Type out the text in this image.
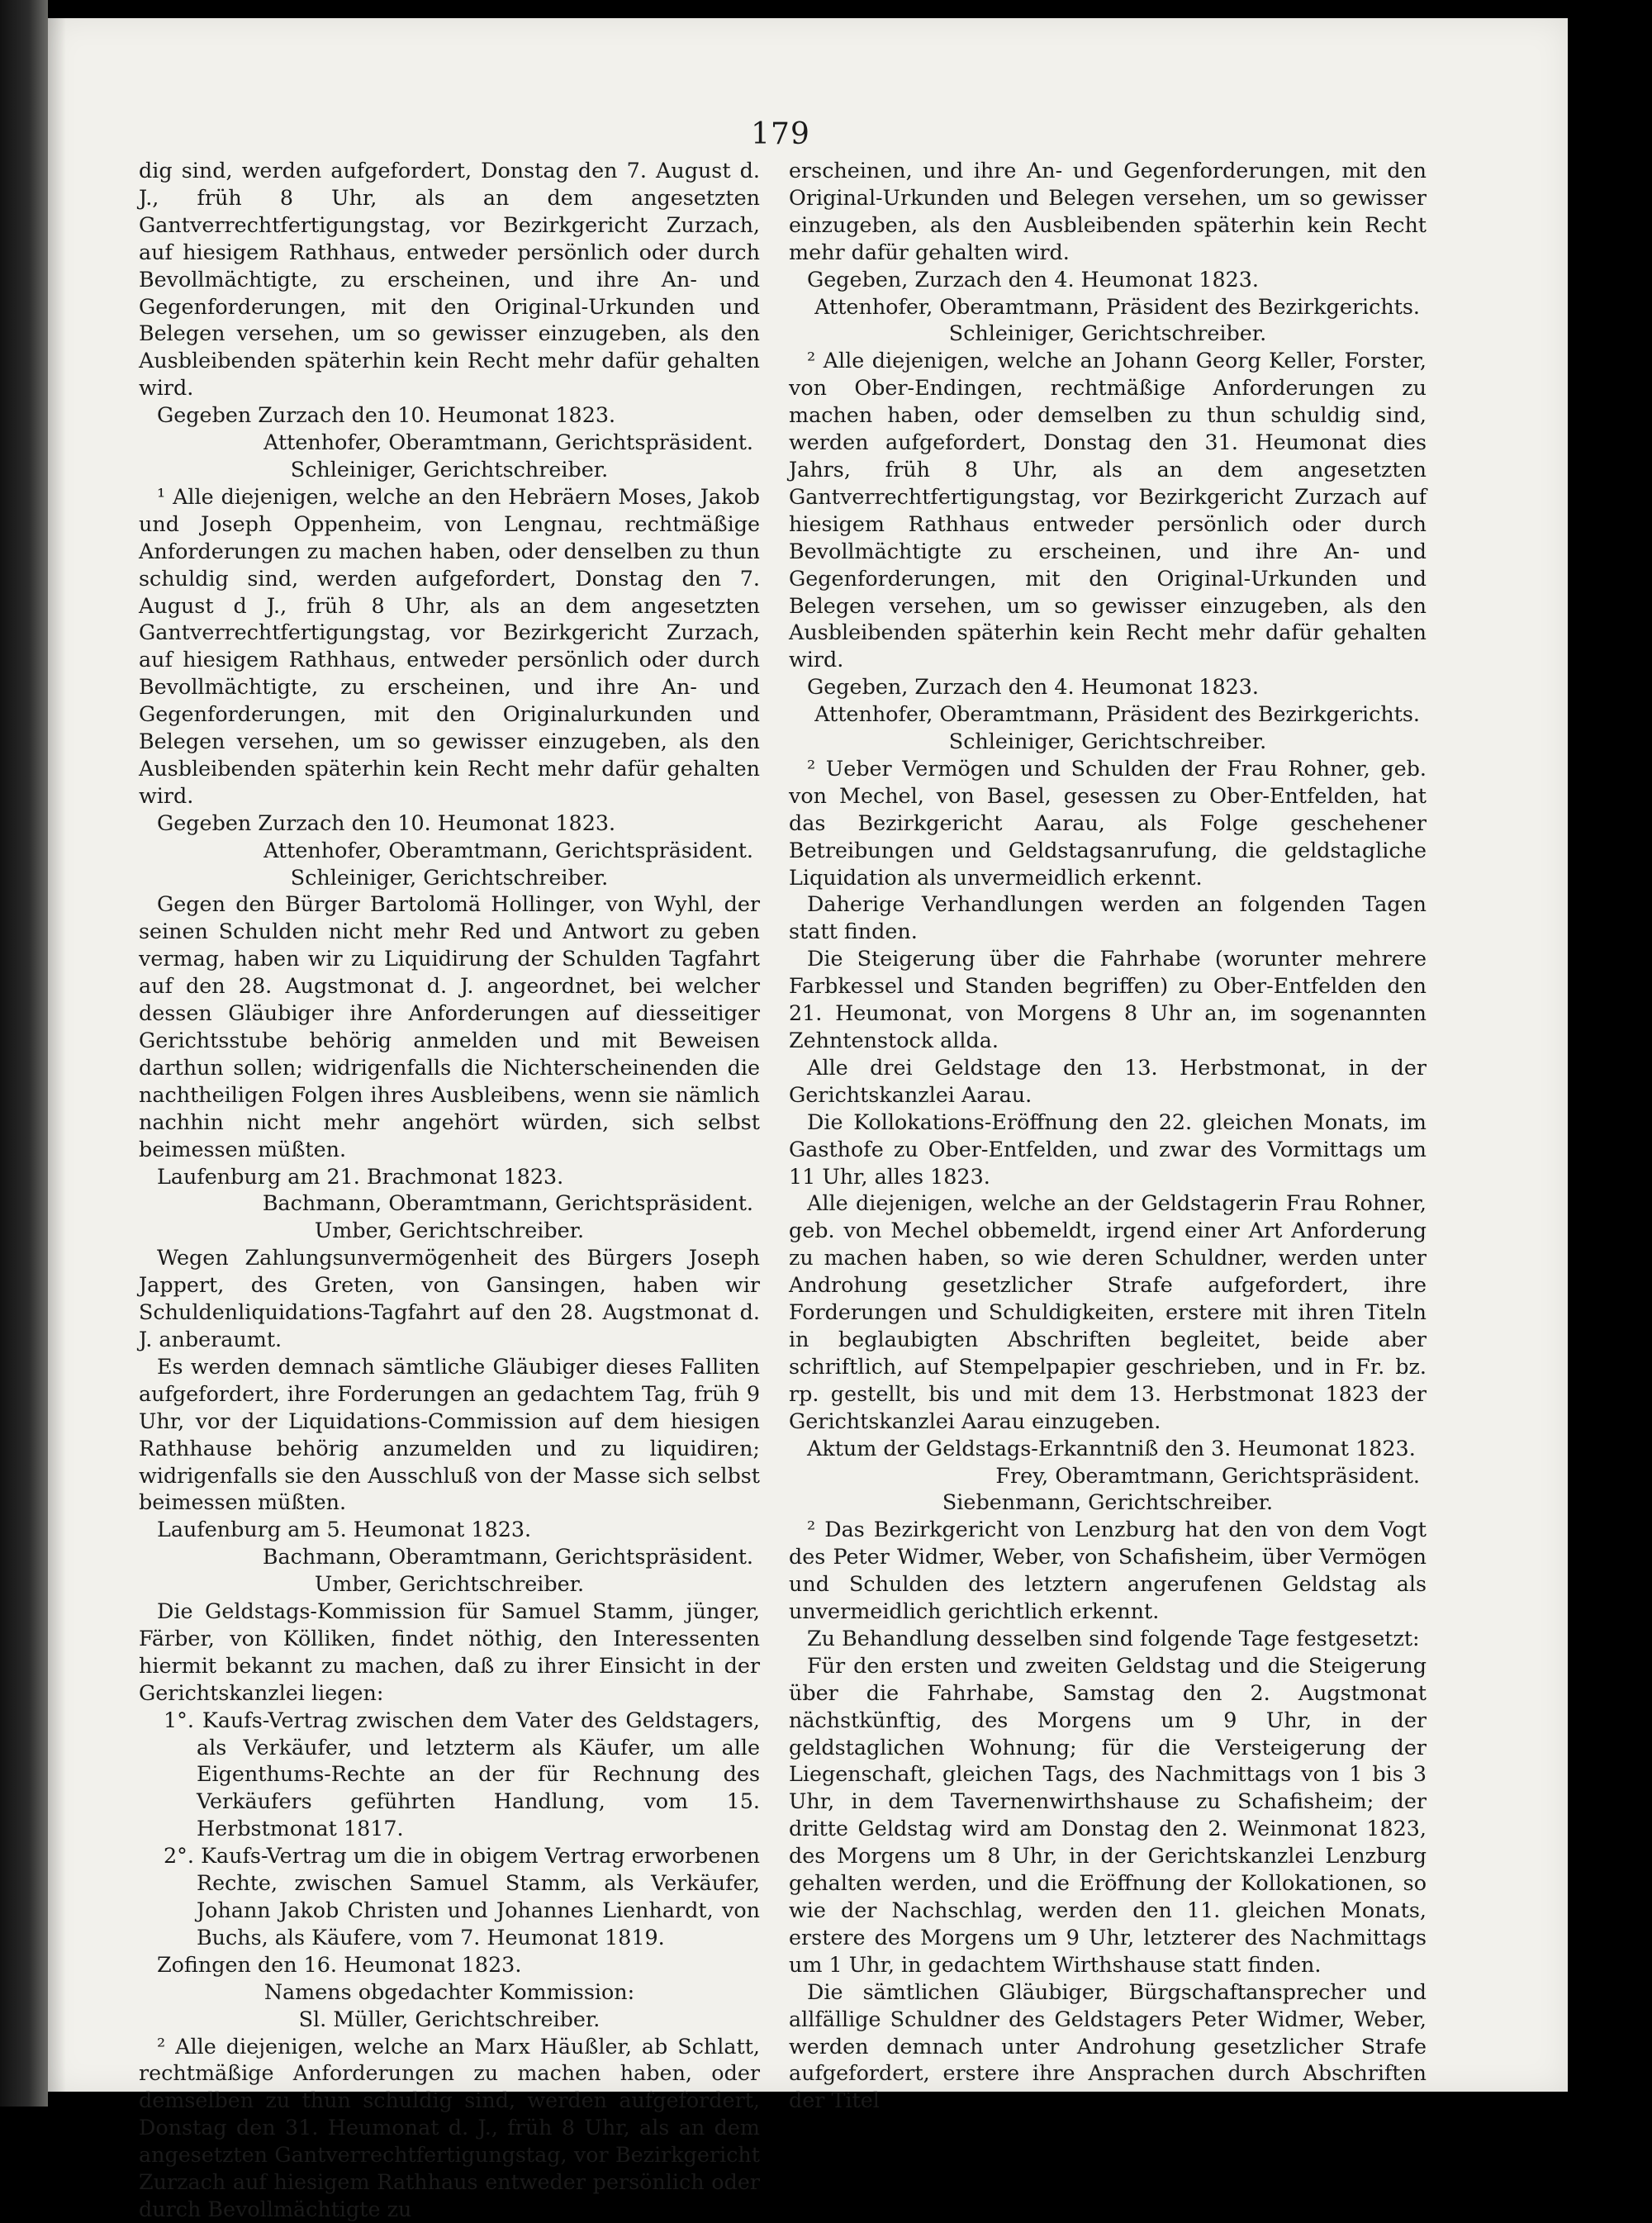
179

dig sind, werden aufgefordert, Donstag den 7. August d. J., früh 8 Uhr, als an dem angesetzten Gantverrechtfertigungstag, vor Bezirkgericht Zurzach, auf hiesigem Rathhaus, entweder persönlich oder durch Bevollmächtigte, zu erscheinen, und ihre An- und Gegenforderungen, mit den Original-Urkunden und Belegen versehen, um so gewisser einzugeben, als den Ausbleibenden späterhin kein Recht mehr dafür gehalten wird.

Gegeben Zurzach den 10. Heumonat 1823.

Attenhofer, Oberamtmann, Gerichtspräsident.

Schleiniger, Gerichtschreiber.

¹ Alle diejenigen, welche an den Hebräern Moses, Jakob und Joseph Oppenheim, von Lengnau, rechtmäßige Anforderungen zu machen haben, oder denselben zu thun schuldig sind, werden aufgefordert, Donstag den 7. August d J., früh 8 Uhr, als an dem angesetzten Gantverrechtfertigungstag, vor Bezirkgericht Zurzach, auf hiesigem Rathhaus, entweder persönlich oder durch Bevollmächtigte, zu erscheinen, und ihre An- und Gegenforderungen, mit den Originalurkunden und Belegen versehen, um so gewisser einzugeben, als den Ausbleibenden späterhin kein Recht mehr dafür gehalten wird.

Gegeben Zurzach den 10. Heumonat 1823.

Attenhofer, Oberamtmann, Gerichtspräsident.

Schleiniger, Gerichtschreiber.

Gegen den Bürger Bartolomä Hollinger, von Wyhl, der seinen Schulden nicht mehr Red und Antwort zu geben vermag, haben wir zu Liquidirung der Schulden Tagfahrt auf den 28. Augstmonat d. J. angeordnet, bei welcher dessen Gläubiger ihre Anforderungen auf diesseitiger Gerichtsstube behörig anmelden und mit Beweisen darthun sollen; widrigenfalls die Nichterscheinenden die nachtheiligen Folgen ihres Ausbleibens, wenn sie nämlich nachhin nicht mehr angehört würden, sich selbst beimessen müßten.

Laufenburg am 21. Brachmonat 1823.

Bachmann, Oberamtmann, Gerichtspräsident.

Umber, Gerichtschreiber.

Wegen Zahlungsunvermögenheit des Bürgers Joseph Jappert, des Greten, von Gansingen, haben wir Schuldenliquidations-Tagfahrt auf den 28. Augstmonat d. J. anberaumt.

Es werden demnach sämtliche Gläubiger dieses Falliten aufgefordert, ihre Forderungen an gedachtem Tag, früh 9 Uhr, vor der Liquidations-Commission auf dem hiesigen Rathhause behörig anzumelden und zu liquidiren; widrigenfalls sie den Ausschluß von der Masse sich selbst beimessen müßten.

Laufenburg am 5. Heumonat 1823.

Bachmann, Oberamtmann, Gerichtspräsident.

Umber, Gerichtschreiber.

Die Geldstags-Kommission für Samuel Stamm, jünger, Färber, von Kölliken, findet nöthig, den Interessenten hiermit bekannt zu machen, daß zu ihrer Einsicht in der Gerichtskanzlei liegen:

1°. Kaufs-Vertrag zwischen dem Vater des Geldstagers, als Verkäufer, und letzterm als Käufer, um alle Eigenthums-Rechte an der für Rechnung des Verkäufers geführten Handlung, vom 15. Herbstmonat 1817.

2°. Kaufs-Vertrag um die in obigem Vertrag erworbenen Rechte, zwischen Samuel Stamm, als Verkäufer, Johann Jakob Christen und Johannes Lienhardt, von Buchs, als Käufere, vom 7. Heumonat 1819.

Zofingen den 16. Heumonat 1823.

Namens obgedachter Kommission:

Sl. Müller, Gerichtschreiber.

² Alle diejenigen, welche an Marx Häußler, ab Schlatt, rechtmäßige Anforderungen zu machen haben, oder demselben zu thun schuldig sind, werden aufgefordert, Donstag den 31. Heumonat d. J., früh 8 Uhr, als an dem angesetzten Gantverrechtfertigungstag, vor Bezirkgericht Zurzach auf hiesigem Rathhaus entweder persönlich oder durch Bevollmächtigte zu

erscheinen, und ihre An- und Gegenforderungen, mit den Original-Urkunden und Belegen versehen, um so gewisser einzugeben, als den Ausbleibenden späterhin kein Recht mehr dafür gehalten wird.

Gegeben, Zurzach den 4. Heumonat 1823.

Attenhofer, Oberamtmann, Präsident des Bezirkgerichts.

Schleiniger, Gerichtschreiber.

² Alle diejenigen, welche an Johann Georg Keller, Forster, von Ober-Endingen, rechtmäßige Anforderungen zu machen haben, oder demselben zu thun schuldig sind, werden aufgefordert, Donstag den 31. Heumonat dies Jahrs, früh 8 Uhr, als an dem angesetzten Gantverrechtfertigungstag, vor Bezirkgericht Zurzach auf hiesigem Rathhaus entweder persönlich oder durch Bevollmächtigte zu erscheinen, und ihre An- und Gegenforderungen, mit den Original-Urkunden und Belegen versehen, um so gewisser einzugeben, als den Ausbleibenden späterhin kein Recht mehr dafür gehalten wird.

Gegeben, Zurzach den 4. Heumonat 1823.

Attenhofer, Oberamtmann, Präsident des Bezirkgerichts.

Schleiniger, Gerichtschreiber.

² Ueber Vermögen und Schulden der Frau Rohner, geb. von Mechel, von Basel, gesessen zu Ober-Entfelden, hat das Bezirkgericht Aarau, als Folge geschehener Betreibungen und Geldstagsanrufung, die geldstagliche Liquidation als unvermeidlich erkennt.

Daherige Verhandlungen werden an folgenden Tagen statt finden.

Die Steigerung über die Fahrhabe (worunter mehrere Farbkessel und Standen begriffen) zu Ober-Entfelden den 21. Heumonat, von Morgens 8 Uhr an, im sogenannten Zehntenstock allda.

Alle drei Geldstage den 13. Herbstmonat, in der Gerichtskanzlei Aarau.

Die Kollokations-Eröffnung den 22. gleichen Monats, im Gasthofe zu Ober-Entfelden, und zwar des Vormittags um 11 Uhr, alles 1823.

Alle diejenigen, welche an der Geldstagerin Frau Rohner, geb. von Mechel obbemeldt, irgend einer Art Anforderung zu machen haben, so wie deren Schuldner, werden unter Androhung gesetzlicher Strafe aufgefordert, ihre Forderungen und Schuldigkeiten, erstere mit ihren Titeln in beglaubigten Abschriften begleitet, beide aber schriftlich, auf Stempelpapier geschrieben, und in Fr. bz. rp. gestellt, bis und mit dem 13. Herbstmonat 1823 der Gerichtskanzlei Aarau einzugeben.

Aktum der Geldstags-Erkanntniß den 3. Heumonat 1823.

Frey, Oberamtmann, Gerichtspräsident.

Siebenmann, Gerichtschreiber.

² Das Bezirkgericht von Lenzburg hat den von dem Vogt des Peter Widmer, Weber, von Schafisheim, über Vermögen und Schulden des letztern angerufenen Geldstag als unvermeidlich gerichtlich erkennt.

Zu Behandlung desselben sind folgende Tage festgesetzt:

Für den ersten und zweiten Geldstag und die Steigerung über die Fahrhabe, Samstag den 2. Augstmonat nächstkünftig, des Morgens um 9 Uhr, in der geldstaglichen Wohnung; für die Versteigerung der Liegenschaft, gleichen Tags, des Nachmittags von 1 bis 3 Uhr, in dem Tavernenwirthshause zu Schafisheim; der dritte Geldstag wird am Donstag den 2. Weinmonat 1823, des Morgens um 8 Uhr, in der Gerichtskanzlei Lenzburg gehalten werden, und die Eröffnung der Kollokationen, so wie der Nachschlag, werden den 11. gleichen Monats, erstere des Morgens um 9 Uhr, letzterer des Nachmittags um 1 Uhr, in gedachtem Wirthshause statt finden.

Die sämtlichen Gläubiger, Bürgschaftansprecher und allfällige Schuldner des Geldstagers Peter Widmer, Weber, werden demnach unter Androhung gesetzlicher Strafe aufgefordert, erstere ihre Ansprachen durch Abschriften der Titel
